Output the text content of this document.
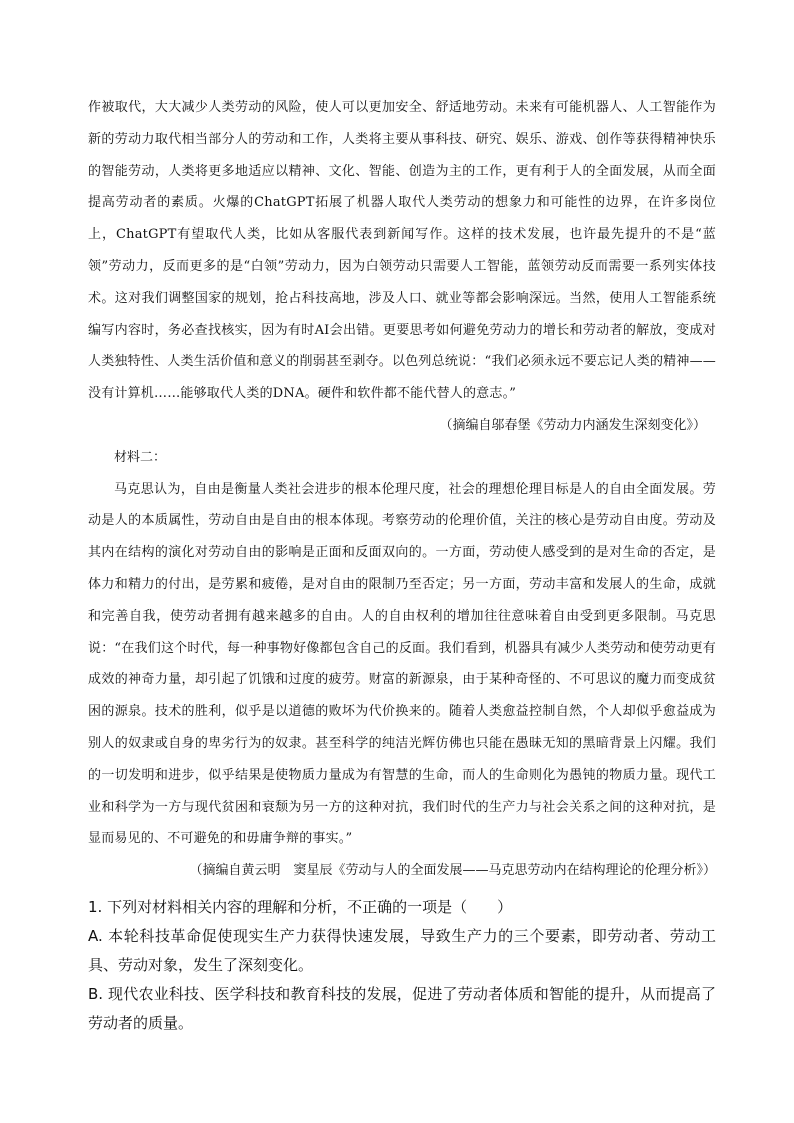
作被取代，大大减少人类劳动的风险，使人可以更加安全、舒适地劳动。未来有可能机器人、人工智能作为新的劳动力取代相当部分人的劳动和工作，人类将主要从事科技、研究、娱乐、游戏、创作等获得精神快乐的智能劳动，人类将更多地适应以精神、文化、智能、创造为主的工作，更有利于人的全面发展，从而全面提高劳动者的素质。火爆的ChatGPT拓展了机器人取代人类劳动的想象力和可能性的边界，在许多岗位上，ChatGPT有望取代人类，比如从客服代表到新闻写作。这样的技术发展，也许最先提升的不是“蓝领”劳动力，反而更多的是“白领”劳动力，因为白领劳动只需要人工智能，蓝领劳动反而需要一系列实体技术。这对我们调整国家的规划，抢占科技高地，涉及人口、就业等都会影响深远。当然，使用人工智能系统编写内容时，务必查找核实，因为有时AI会出错。更要思考如何避免劳动力的增长和劳动者的解放，变成对人类独特性、人类生活价值和意义的削弱甚至剥夺。以色列总统说：“我们必须永远不要忘记人类的精神——没有计算机……能够取代人类的DNA。硬件和软件都不能代替人的意志。”

（摘编自邬春堡《劳动力内涵发生深刻变化》）

材料二：

马克思认为，自由是衡量人类社会进步的根本伦理尺度，社会的理想伦理目标是人的自由全面发展。劳动是人的本质属性，劳动自由是自由的根本体现。考察劳动的伦理价值，关注的核心是劳动自由度。劳动及其内在结构的演化对劳动自由的影响是正面和反面双向的。一方面，劳动使人感受到的是对生命的否定，是体力和精力的付出，是劳累和疲倦，是对自由的限制乃至否定；另一方面，劳动丰富和发展人的生命，成就和完善自我，使劳动者拥有越来越多的自由。人的自由权利的增加往往意味着自由受到更多限制。马克思说：“在我们这个时代，每一种事物好像都包含自己的反面。我们看到，机器具有减少人类劳动和使劳动更有成效的神奇力量，却引起了饥饿和过度的疲劳。财富的新源泉，由于某种奇怪的、不可思议的魔力而变成贫困的源泉。技术的胜利，似乎是以道德的败坏为代价换来的。随着人类愈益控制自然，个人却似乎愈益成为别人的奴隶或自身的卑劣行为的奴隶。甚至科学的纯洁光辉仿佛也只能在愚昧无知的黑暗背景上闪耀。我们的一切发明和进步，似乎结果是使物质力量成为有智慧的生命，而人的生命则化为愚钝的物质力量。现代工业和科学为一方与现代贫困和衰颓为另一方的这种对抗，我们时代的生产力与社会关系之间的这种对抗，是显而易见的、不可避免的和毋庸争辩的事实。”

（摘编自黄云明　窦星辰《劳动与人的全面发展——马克思劳动内在结构理论的伦理分析》）

1. 下列对材料相关内容的理解和分析，不正确的一项是（　　）

A. 本轮科技革命促使现实生产力获得快速发展，导致生产力的三个要素，即劳动者、劳动工具、劳动对象，发生了深刻变化。

B. 现代农业科技、医学科技和教育科技的发展，促进了劳动者体质和智能的提升，从而提高了劳动者的质量。
